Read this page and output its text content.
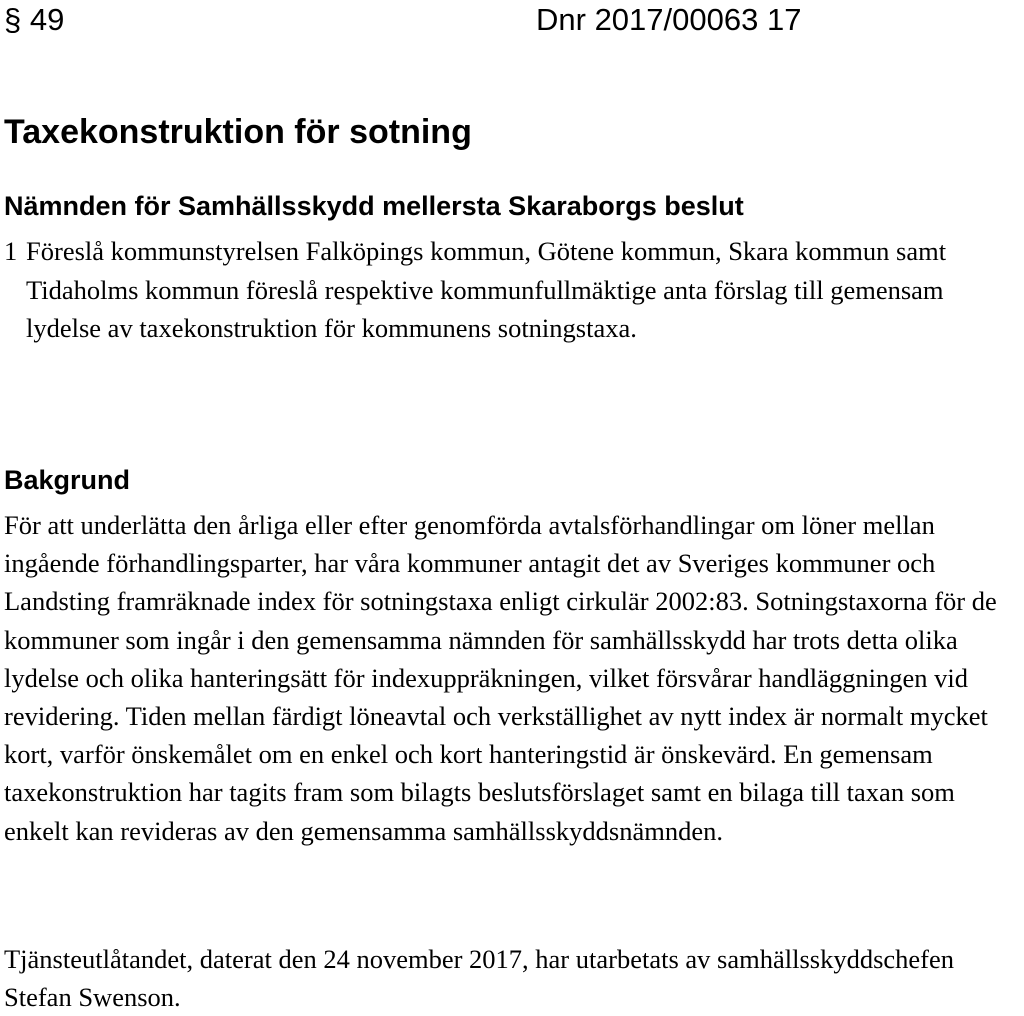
§ 49	Dnr 2017/00063 17
Taxekonstruktion för sotning
Nämnden för Samhällsskydd mellersta Skaraborgs beslut
1 Föreslå kommunstyrelsen Falköpings kommun, Götene kommun, Skara kommun samt Tidaholms kommun föreslå respektive kommunfullmäktige anta förslag till gemensam lydelse av taxekonstruktion för kommunens sotningstaxa.
Bakgrund

För att underlätta den årliga eller efter genomförda avtalsförhandlingar om löner mellan ingående förhandlingsparter, har våra kommuner antagit det av Sveriges kommuner och Landsting framräknade index för sotningstaxa enligt cirkulär 2002:83. Sotningstaxorna för de kommuner som ingår i den gemensamma nämnden för samhällsskydd har trots detta olika lydelse och olika hanteringsätt för indexuppräkningen, vilket försvårar handläggningen vid revidering. Tiden mellan färdigt löneavtal och verkställighet av nytt index är normalt mycket kort, varför önskemålet om en enkel och kort hanteringstid är önskevärd. En gemensam taxekonstruktion har tagits fram som bilagts beslutsförslaget samt en bilaga till taxan som enkelt kan revideras av den gemensamma samhällsskyddsnämnden.

Tjänsteutlåtandet, daterat den 24 november 2017, har utarbetats av samhällsskyddschefen Stefan Swenson.
